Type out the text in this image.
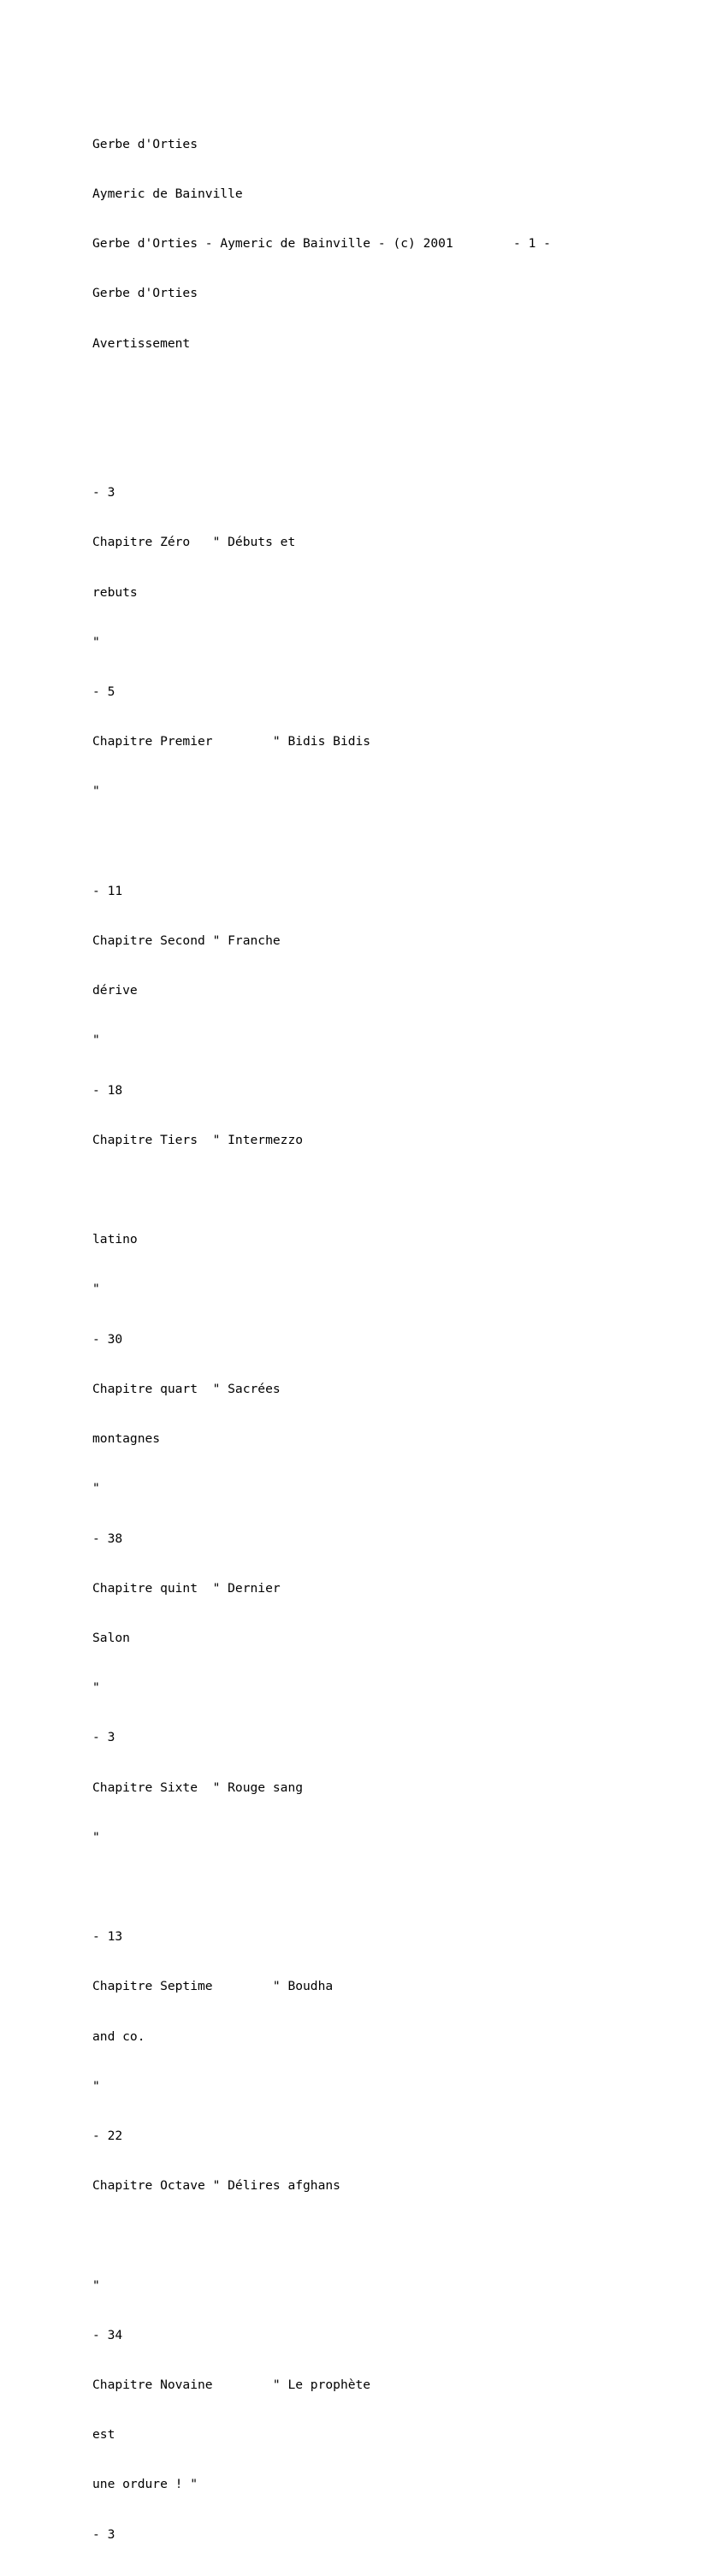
Gerbe d'Orties

Aymeric de Bainville

Gerbe d'Orties - Aymeric de Bainville - (c) 2001        - 1 -

Gerbe d'Orties

Avertissement

- 3

Chapitre Zéro   " Débuts et

rebuts

"

- 5

Chapitre Premier        " Bidis Bidis

"

- 11

Chapitre Second " Franche

dérive

"

- 18

Chapitre Tiers  " Intermezzo

latino

"

- 30

Chapitre quart  " Sacrées

montagnes

"

- 38

Chapitre quint  " Dernier

Salon

"

- 3

Chapitre Sixte  " Rouge sang

"

- 13

Chapitre Septime        " Boudha

and co.

"

- 22

Chapitre Octave " Délires afghans

"

- 34

Chapitre Novaine        " Le prophète

est

une ordure ! "

- 3
